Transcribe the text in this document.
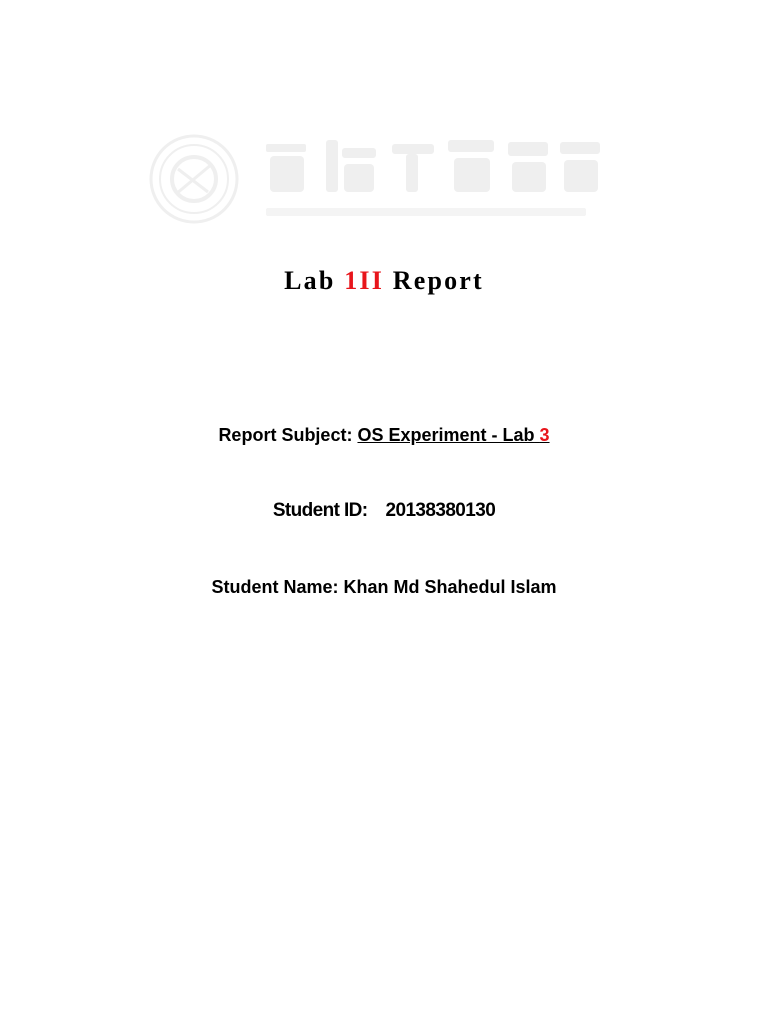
Lab 1II Report
Report Subject: OS Experiment - Lab 3
Student ID: 20138380130
Student Name: Khan Md Shahedul Islam
